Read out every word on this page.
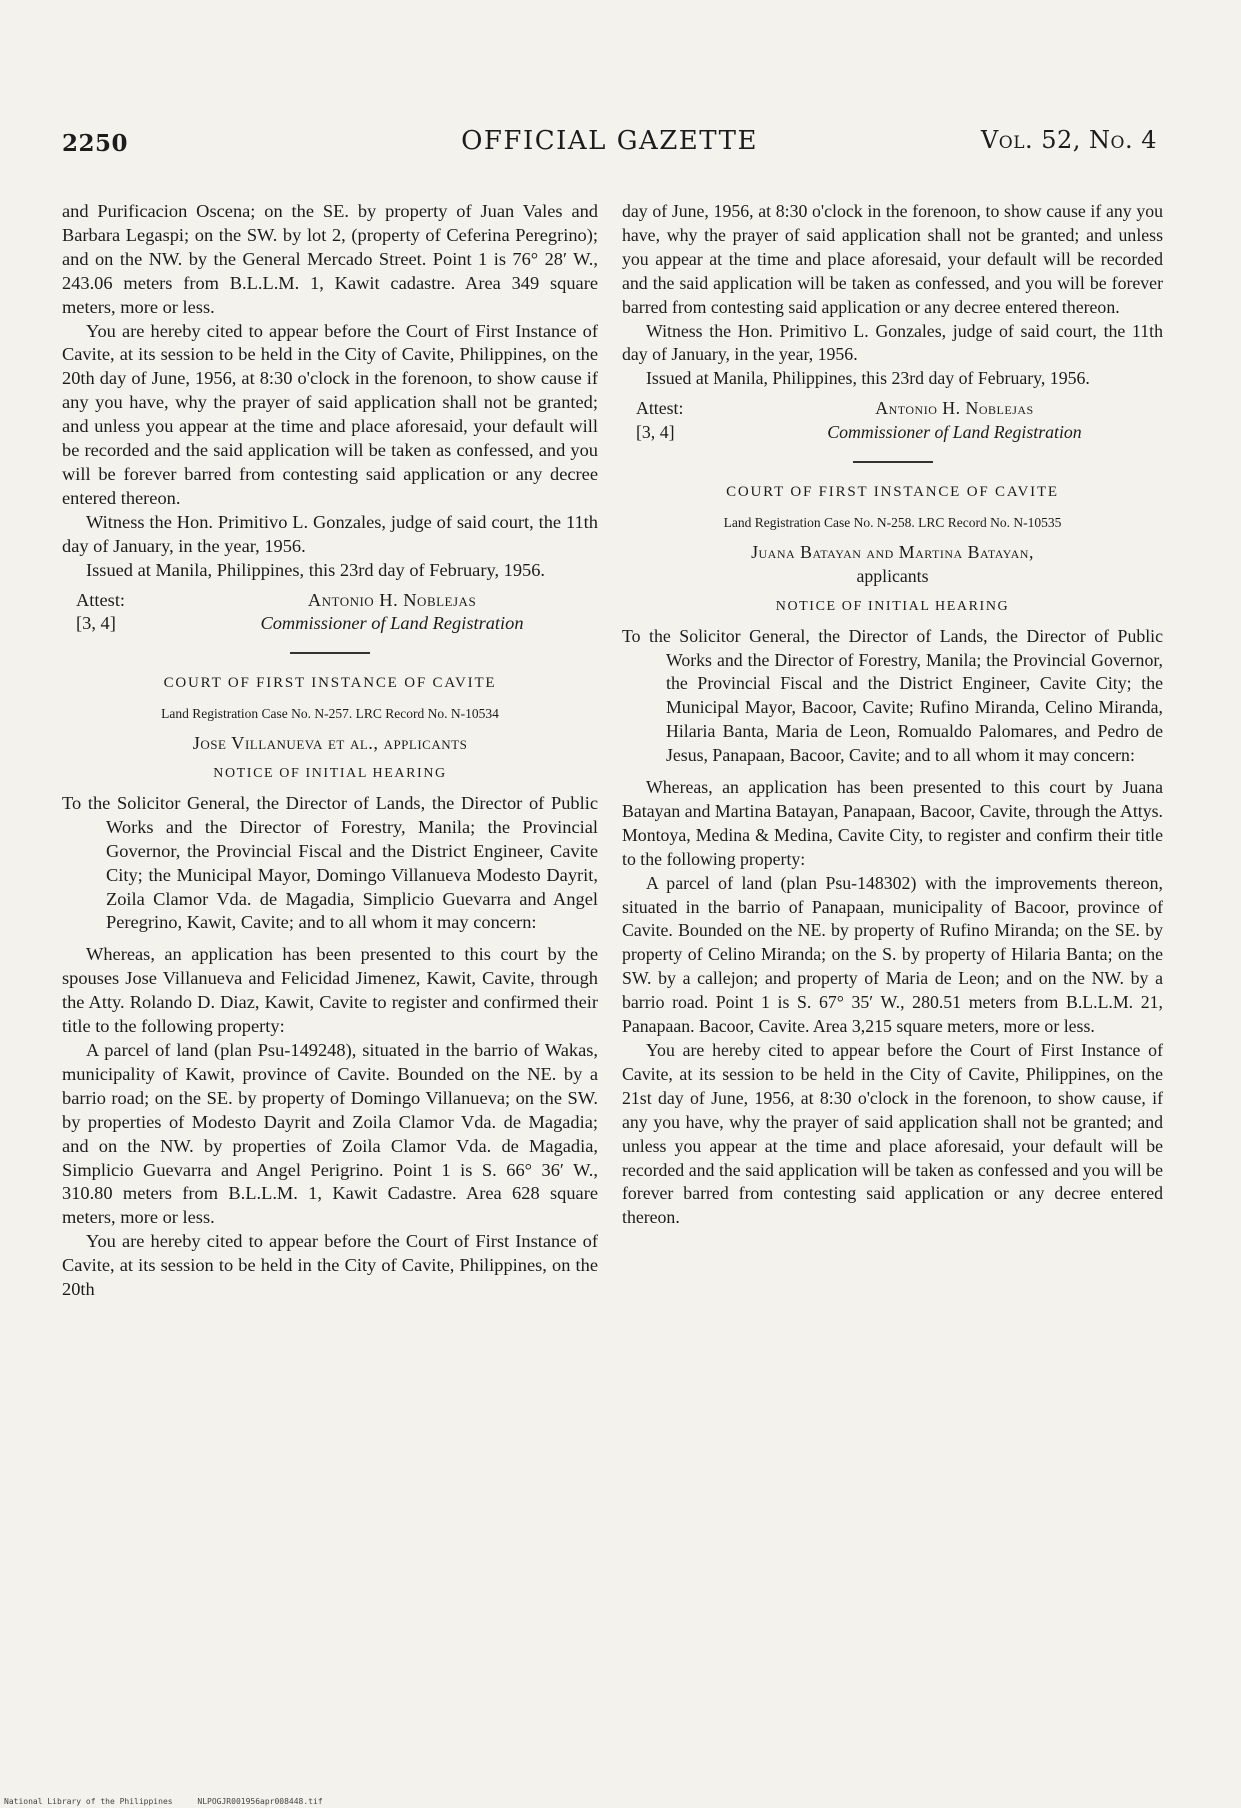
2250	OFFICIAL GAZETTE	Vol. 52, No. 4

and Purificacion Oscena; on the SE. by property of Juan Vales and Barbara Legaspi; on the SW. by lot 2, (property of Ceferina Peregrino); and on the NW. by the General Mercado Street. Point 1 is 76° 28′ W., 243.06 meters from B.L.L.M. 1, Kawit cadastre. Area 349 square meters, more or less.

You are hereby cited to appear before the Court of First Instance of Cavite, at its session to be held in the City of Cavite, Philippines, on the 20th day of June, 1956, at 8:30 o'clock in the forenoon, to show cause if any you have, why the prayer of said application shall not be granted; and unless you appear at the time and place aforesaid, your default will be recorded and the said application will be taken as confessed, and you will be forever barred from contesting said application or any decree entered thereon.

Witness the Hon. Primitivo L. Gonzales, judge of said court, the 11th day of January, in the year, 1956.

Issued at Manila, Philippines, this 23rd day of February, 1956.

Attest:
[3, 4]
Antonio H. Noblejas
Commissioner of Land Registration
COURT OF FIRST INSTANCE OF CAVITE
Land Registration Case No. N-257. LRC Record No. N-10534
Jose Villanueva et al., applicants
NOTICE OF INITIAL HEARING

To the Solicitor General, the Director of Lands, the Director of Public Works and the Director of Forestry, Manila; the Provincial Governor, the Provincial Fiscal and the District Engineer, Cavite City; the Municipal Mayor, Domingo Villanueva Modesto Dayrit, Zoila Clamor Vda. de Magadia, Simplicio Guevarra and Angel Peregrino, Kawit, Cavite; and to all whom it may concern:

Whereas, an application has been presented to this court by the spouses Jose Villanueva and Felicidad Jimenez, Kawit, Cavite, through the Atty. Rolando D. Diaz, Kawit, Cavite to register and confirmed their title to the following property:

A parcel of land (plan Psu-149248), situated in the barrio of Wakas, municipality of Kawit, province of Cavite. Bounded on the NE. by a barrio road; on the SE. by property of Domingo Villanueva; on the SW. by properties of Modesto Dayrit and Zoila Clamor Vda. de Magadia; and on the NW. by properties of Zoila Clamor Vda. de Magadia, Simplicio Guevarra and Angel Perigrino. Point 1 is S. 66° 36′ W., 310.80 meters from B.L.L.M. 1, Kawit Cadastre. Area 628 square meters, more or less.

You are hereby cited to appear before the Court of First Instance of Cavite, at its session to be held in the City of Cavite, Philippines, on the 20th

day of June, 1956, at 8:30 o'clock in the forenoon, to show cause if any you have, why the prayer of said application shall not be granted; and unless you appear at the time and place aforesaid, your default will be recorded and the said application will be taken as confessed, and you will be forever barred from contesting said application or any decree entered thereon.

Witness the Hon. Primitivo L. Gonzales, judge of said court, the 11th day of January, in the year, 1956.

Issued at Manila, Philippines, this 23rd day of February, 1956.

Attest:
[3, 4]
Antonio H. Noblejas
Commissioner of Land Registration
COURT OF FIRST INSTANCE OF CAVITE
Land Registration Case No. N-258. LRC Record No. N-10535
Juana Batayan and Martina Batayan,
applicants
NOTICE OF INITIAL HEARING

To the Solicitor General, the Director of Lands, the Director of Public Works and the Director of Forestry, Manila; the Provincial Governor, the Provincial Fiscal and the District Engineer, Cavite City; the Municipal Mayor, Bacoor, Cavite; Rufino Miranda, Celino Miranda, Hilaria Banta, Maria de Leon, Romualdo Palomares, and Pedro de Jesus, Panapaan, Bacoor, Cavite; and to all whom it may concern:

Whereas, an application has been presented to this court by Juana Batayan and Martina Batayan, Panapaan, Bacoor, Cavite, through the Attys. Montoya, Medina & Medina, Cavite City, to register and confirm their title to the following property:

A parcel of land (plan Psu-148302) with the improvements thereon, situated in the barrio of Panapaan, municipality of Bacoor, province of Cavite. Bounded on the NE. by property of Rufino Miranda; on the SE. by property of Celino Miranda; on the S. by property of Hilaria Banta; on the SW. by a callejon; and property of Maria de Leon; and on the NW. by a barrio road. Point 1 is S. 67° 35′ W., 280.51 meters from B.L.L.M. 21, Panapaan. Bacoor, Cavite. Area 3,215 square meters, more or less.

You are hereby cited to appear before the Court of First Instance of Cavite, at its session to be held in the City of Cavite, Philippines, on the 21st day of June, 1956, at 8:30 o'clock in the forenoon, to show cause, if any you have, why the prayer of said application shall not be granted; and unless you appear at the time and place aforesaid, your default will be recorded and the said application will be taken as confessed and you will be forever barred from contesting said application or any decree entered thereon.

National Library of the Philippines	NLPOGJR001956apr008448.tif
